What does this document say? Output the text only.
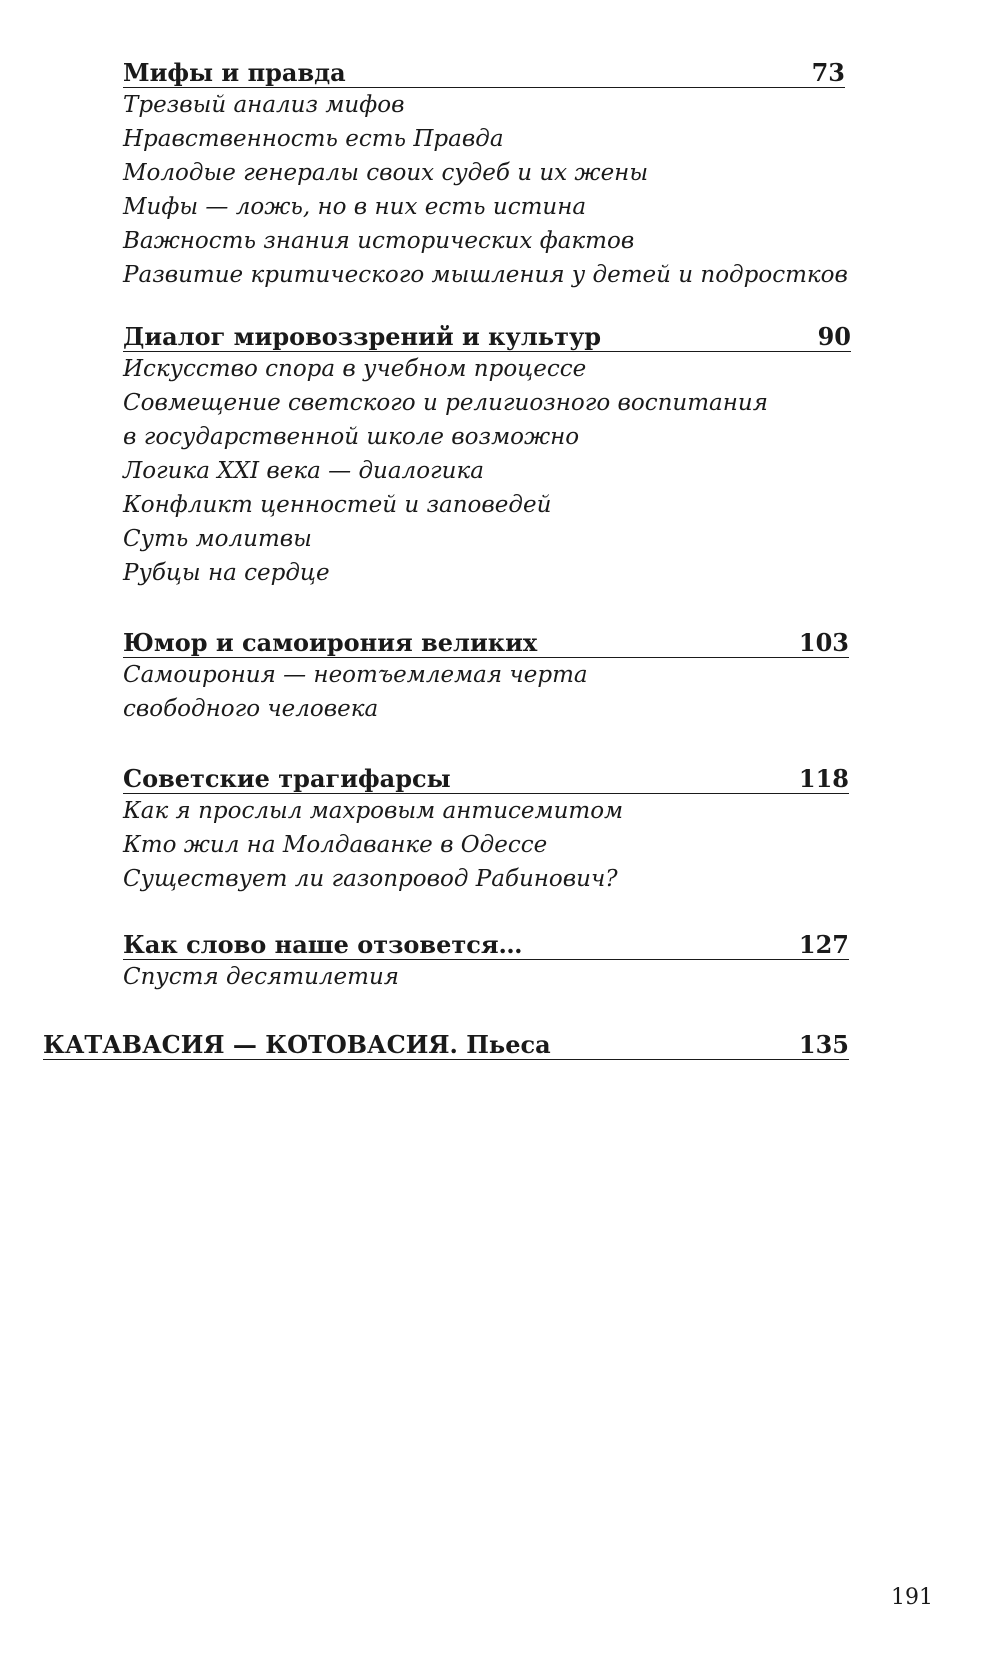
Мифы и правда	73
Трезвый анализ мифов
Нравственность есть Правда
Молодые генералы своих судеб и их жены
Мифы — ложь, но в них есть истина
Важность знания исторических фактов
Развитие критического мышления у детей и подростков
Диалог мировоззрений и культур	90
Искусство спора в учебном процессе
Совмещение светского и религиозного воспитания
в государственной школе возможно
Логика XXI века — диалогика
Конфликт ценностей и заповедей
Суть молитвы
Рубцы на сердце
Юмор и самоирония великих	103
Самоирония — неотъемлемая черта
свободного человека
Советские трагифарсы	118
Как я прослыл махровым антисемитом
Кто жил на Молдаванке в Одессе
Существует ли газопровод Рабинович?
Как слово наше отзовется…	127
Спустя десятилетия
КАТАВАСИЯ — КОТОВАСИЯ. Пьеса	135
191
